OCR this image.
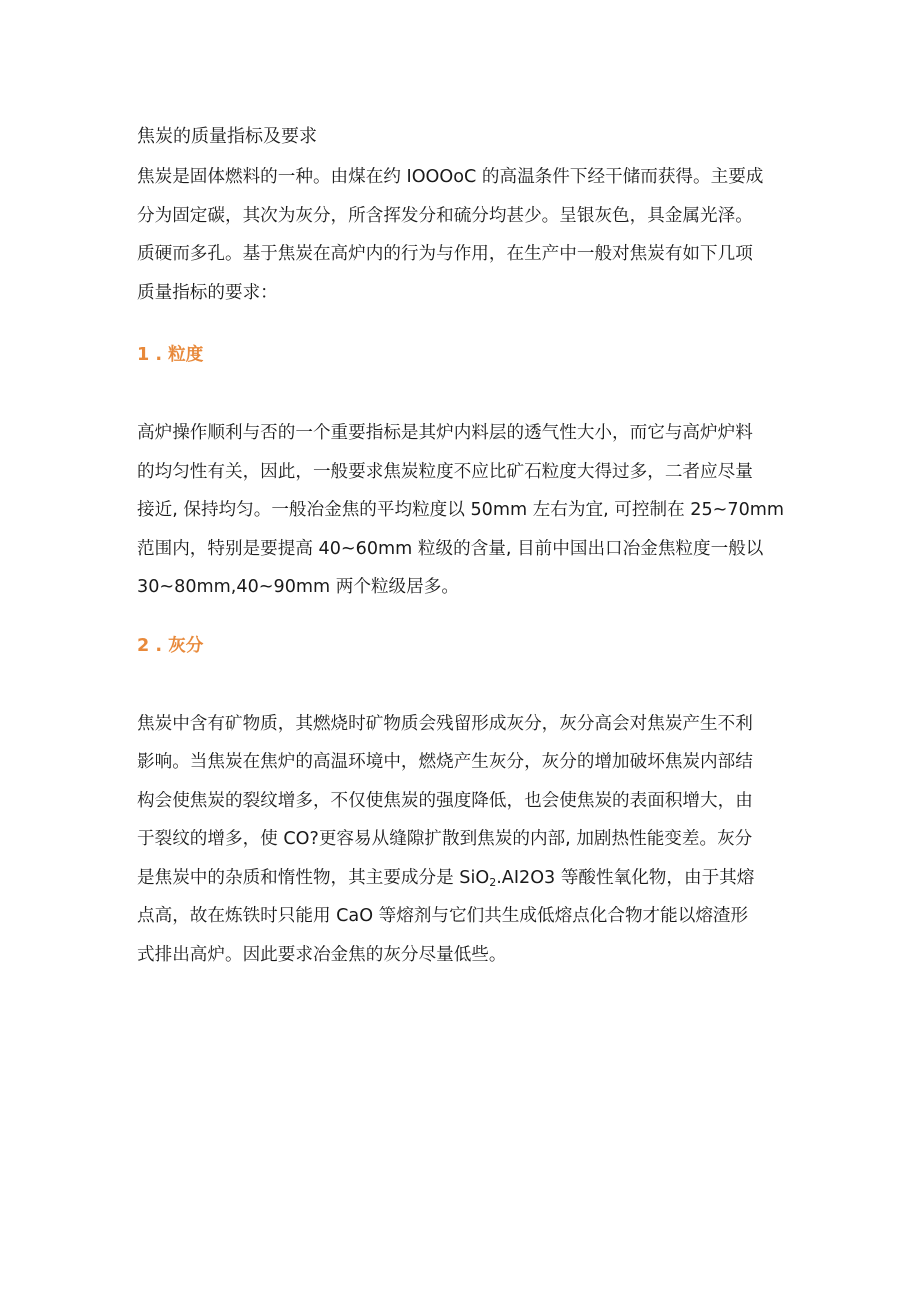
焦炭的质量指标及要求

焦炭是固体燃料的一种。由煤在约 IOOOoC 的高温条件下经干储而获得。主要成
分为固定碳，其次为灰分，所含挥发分和硫分均甚少。呈银灰色，具金属光泽。
质硬而多孔。基于焦炭在高炉内的行为与作用，在生产中一般对焦炭有如下几项
质量指标的要求：

1 . 粒度

高炉操作顺利与否的一个重要指标是其炉内料层的透气性大小，而它与高炉炉料
的均匀性有关，因此，一般要求焦炭粒度不应比矿石粒度大得过多，二者应尽量
接近, 保持均匀。一般冶金焦的平均粒度以 50mm 左右为宜, 可控制在 25~70mm
范围内，特别是要提高 40~60mm 粒级的含量, 目前中国出口冶金焦粒度一般以
30~80mm,40~90mm 两个粒级居多。

2 . 灰分

焦炭中含有矿物质，其燃烧时矿物质会残留形成灰分，灰分高会对焦炭产生不利
影响。当焦炭在焦炉的高温环境中，燃烧产生灰分，灰分的增加破坏焦炭内部结
构会使焦炭的裂纹增多，不仅使焦炭的强度降低，也会使焦炭的表面积增大，由
于裂纹的增多，使 CO?更容易从缝隙扩散到焦炭的内部, 加剧热性能变差。灰分
是焦炭中的杂质和惰性物，其主要成分是 SiO$_2$.AI2O3 等酸性氧化物，由于其熔
点高，故在炼铁时只能用 CaO 等熔剂与它们共生成低熔点化合物才能以熔渣形
式排出高炉。因此要求冶金焦的灰分尽量低些。
